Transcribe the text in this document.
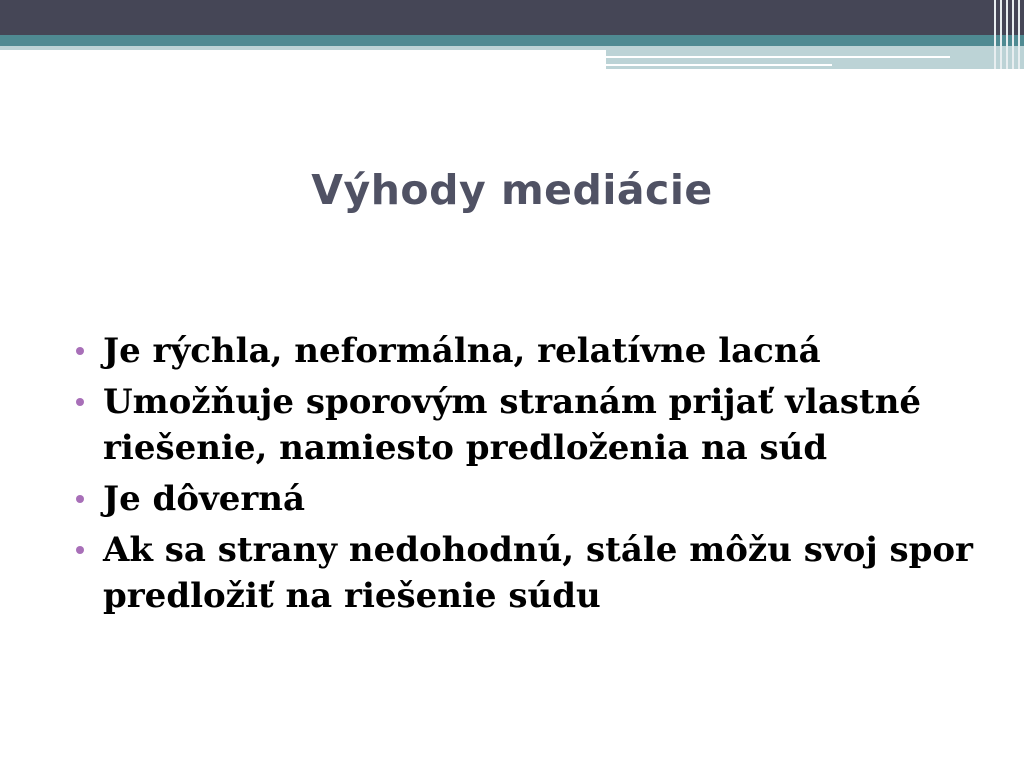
Výhody mediácie
Je rýchla, neformálna, relatívne lacná
Umožňuje sporovým stranám prijať vlastné riešenie, namiesto predloženia na súd
Je dôverná
Ak sa strany nedohodnú, stále môžu svoj spor predložiť na riešenie súdu
